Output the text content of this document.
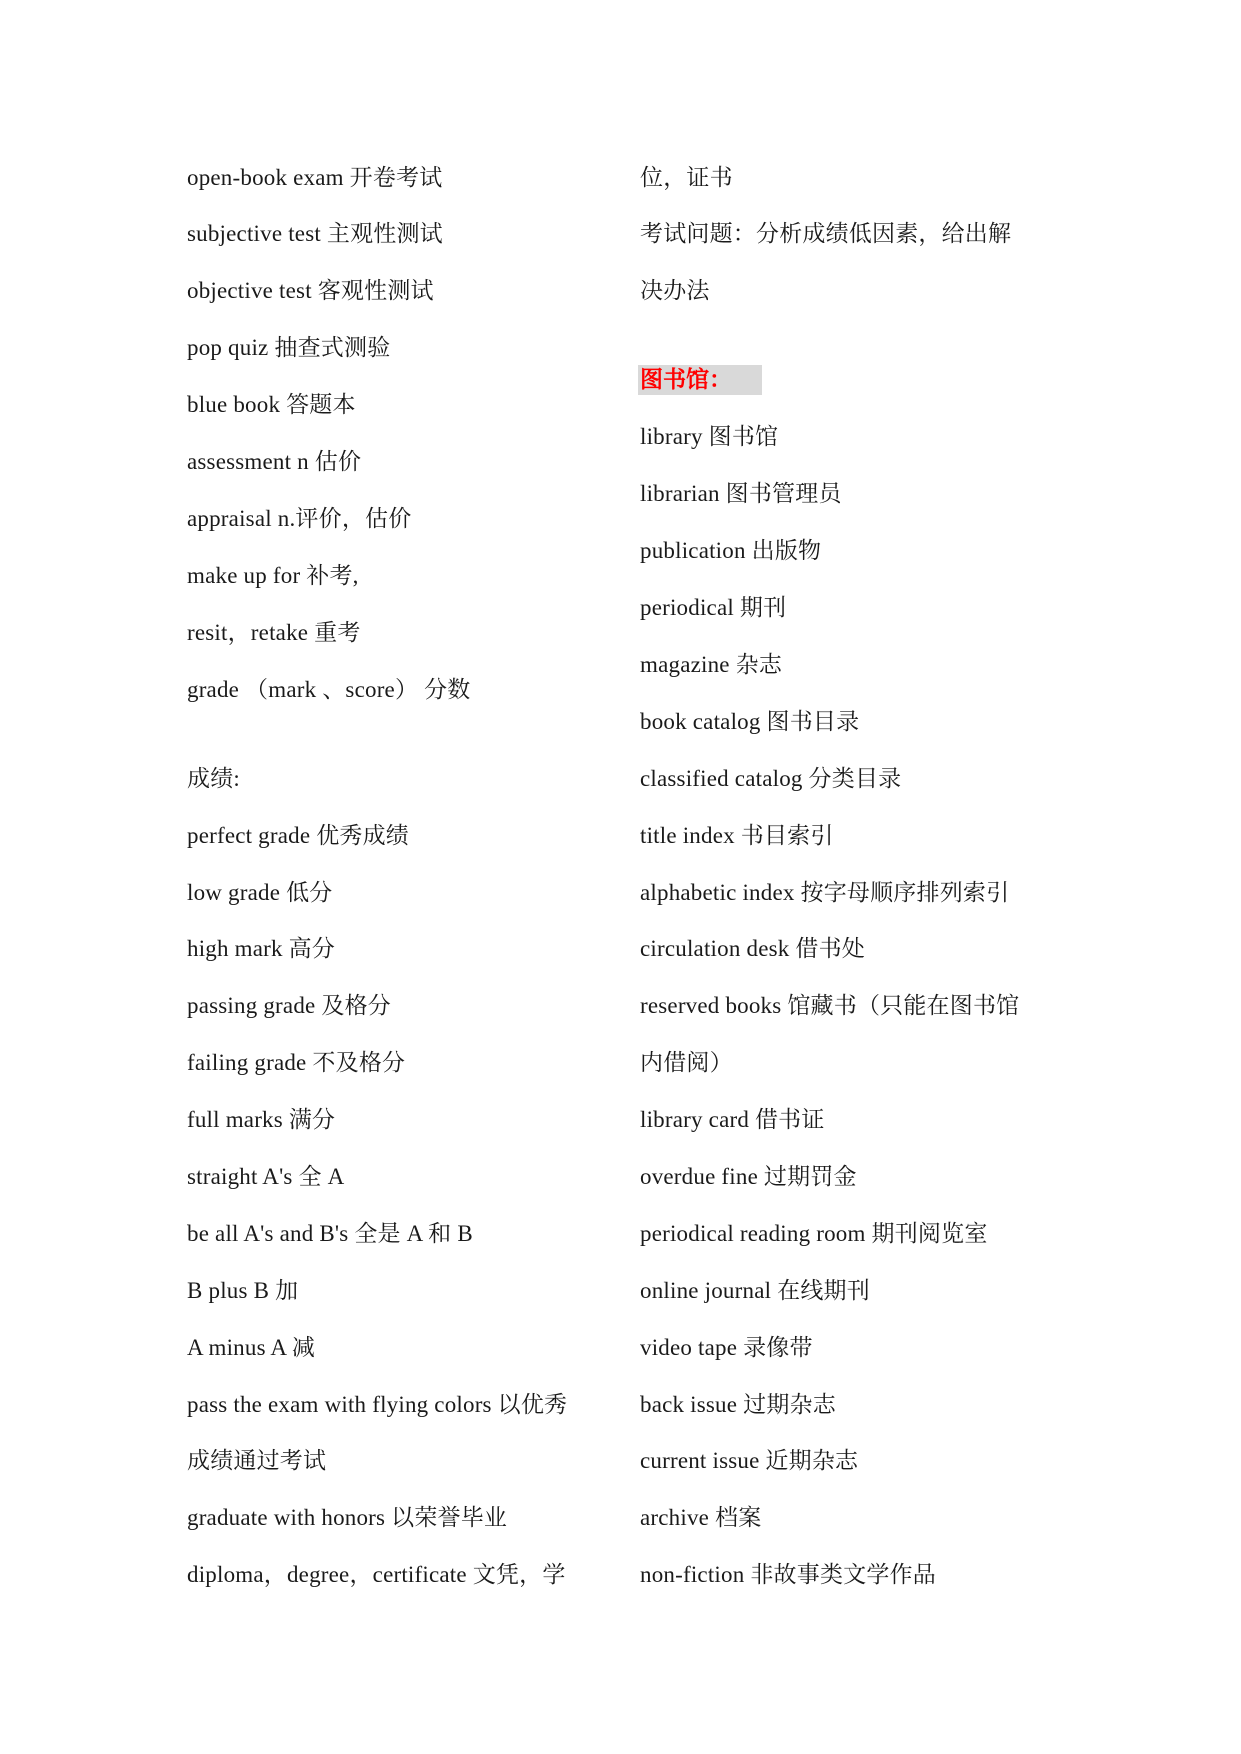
open-book exam 开卷考试
subjective test 主观性测试
objective test 客观性测试
pop quiz 抽查式测验
blue book 答题本
assessment n 估价
appraisal n.评价，估价
make up for 补考,
resit，retake 重考
grade （mark 、score） 分数
成绩:
perfect grade 优秀成绩
low grade 低分
high mark 高分
passing grade 及格分
failing grade 不及格分
full marks 满分
straight A's 全 A
be all A's and B's 全是 A 和 B
B plus B 加
A minus A 减
pass the exam with flying colors 以优秀
成绩通过考试
graduate with honors 以荣誉毕业
diploma，degree，certificate 文凭，学
位，证书
考试问题：分析成绩低因素，给出解
决办法
图书馆：
library 图书馆
librarian 图书管理员
publication 出版物
periodical 期刊
magazine 杂志
book catalog 图书目录
classified catalog 分类目录
title index 书目索引
alphabetic index 按字母顺序排列索引
circulation desk 借书处
reserved books 馆藏书（只能在图书馆
内借阅）
library card 借书证
overdue fine 过期罚金
periodical reading room 期刊阅览室
online journal 在线期刊
video tape 录像带
back issue 过期杂志
current issue 近期杂志
archive 档案
non-fiction 非故事类文学作品
